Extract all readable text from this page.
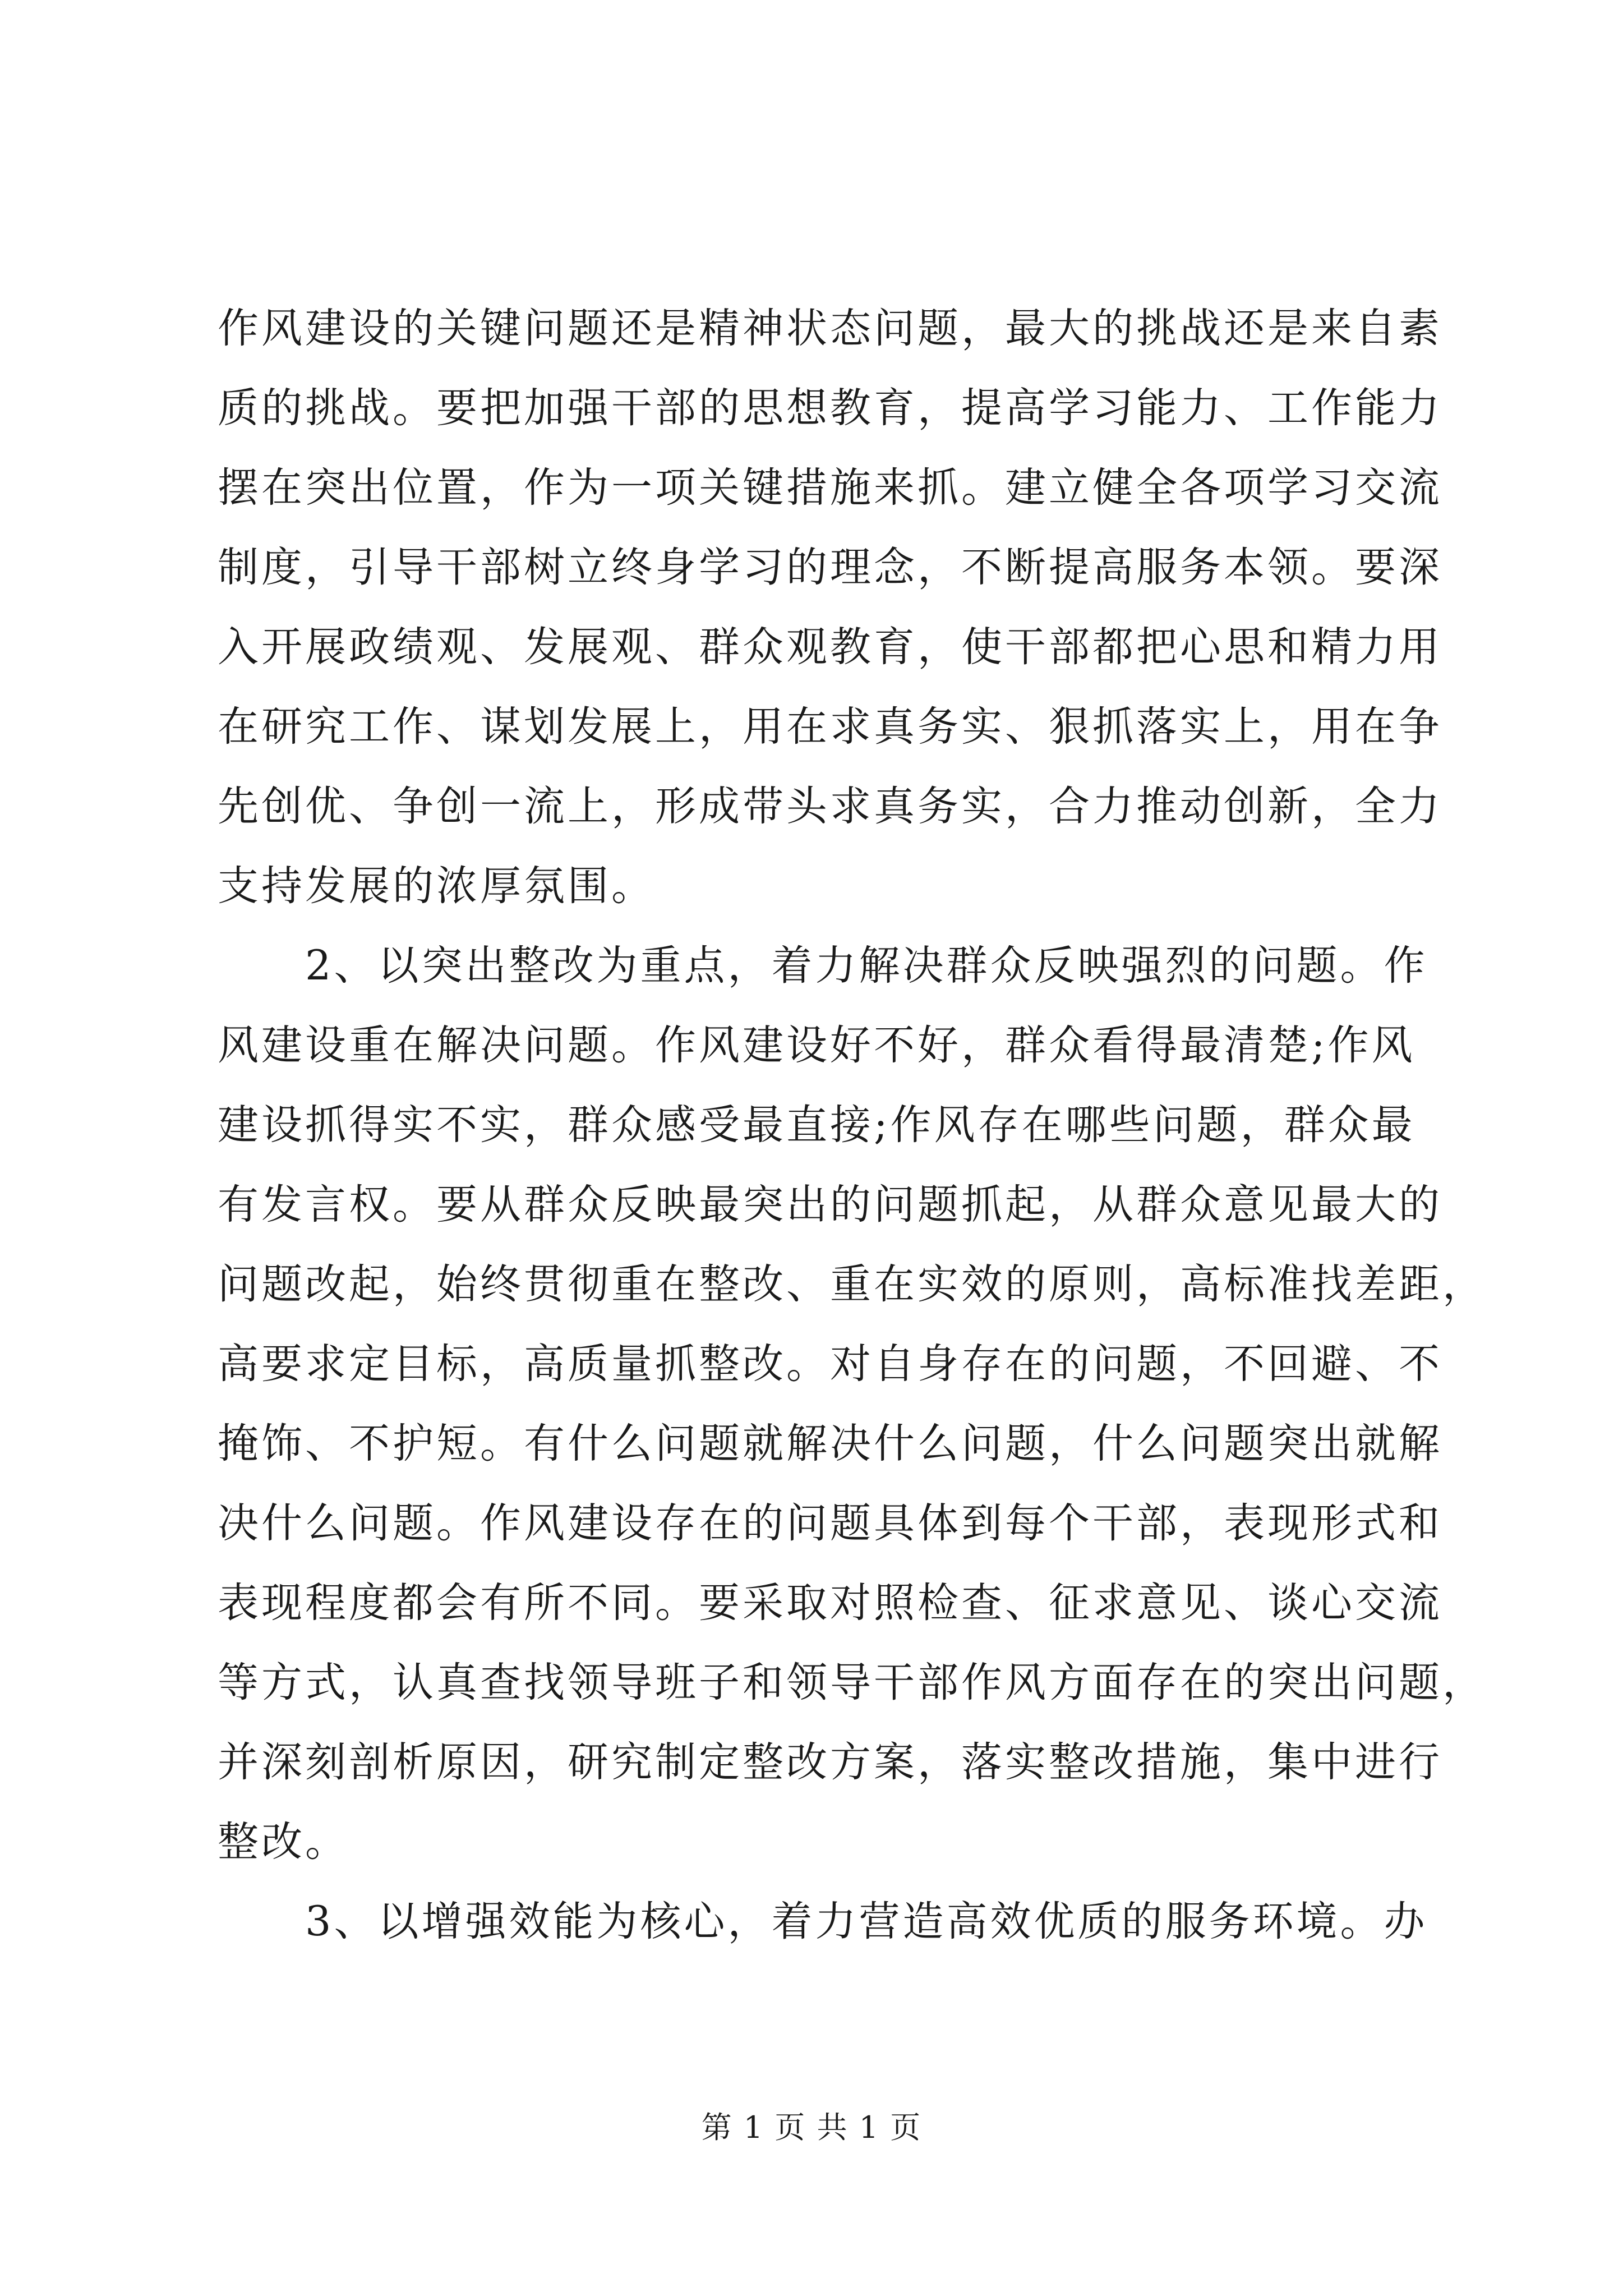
作风建设的关键问题还是精神状态问题，最大的挑战还是来自素
质的挑战。要把加强干部的思想教育，提高学习能力、工作能力
摆在突出位置，作为一项关键措施来抓。建立健全各项学习交流
制度，引导干部树立终身学习的理念，不断提高服务本领。要深
入开展政绩观、发展观、群众观教育，使干部都把心思和精力用
在研究工作、谋划发展上，用在求真务实、狠抓落实上，用在争
先创优、争创一流上，形成带头求真务实，合力推动创新，全力
支持发展的浓厚氛围。
　　2、以突出整改为重点，着力解决群众反映强烈的问题。作
风建设重在解决问题。作风建设好不好，群众看得最清楚;作风
建设抓得实不实，群众感受最直接;作风存在哪些问题，群众最
有发言权。要从群众反映最突出的问题抓起，从群众意见最大的
问题改起，始终贯彻重在整改、重在实效的原则，高标准找差距，
高要求定目标，高质量抓整改。对自身存在的问题，不回避、不
掩饰、不护短。有什么问题就解决什么问题，什么问题突出就解
决什么问题。作风建设存在的问题具体到每个干部，表现形式和
表现程度都会有所不同。要采取对照检查、征求意见、谈心交流
等方式，认真查找领导班子和领导干部作风方面存在的突出问题，
并深刻剖析原因，研究制定整改方案，落实整改措施，集中进行
整改。
　　3、以增强效能为核心，着力营造高效优质的服务环境。办
第 1 页 共 1 页
